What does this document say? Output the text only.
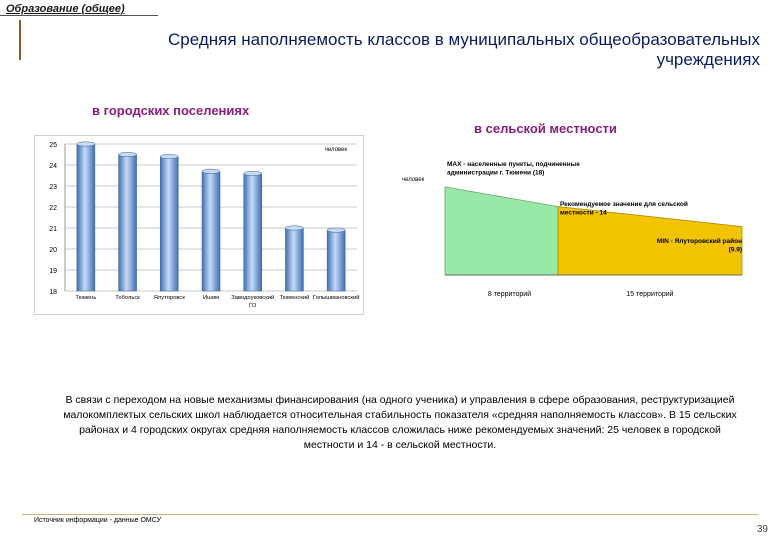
Образование (общее)
Средняя наполняемость классов в муниципальных общеобразовательных учреждениях
в городских поселениях
в сельской местности
18
19
20
21
22
23
24
25
человек
Тюмень	Тобольск Ялуторовск	Ишим Заводоуковский ГО
Тюменский Голышмановский
человек
MAX - населенные пункты, подчиненные администрации г. Тюмени (18)
Рекомендуемое значение для сельской местности - 14
MIN - Ялуторовский район (9.9)
8 территорий	15 территорий
В связи с переходом на новые механизмы финансирования (на одного ученика) и управления в сфере образования, реструктуризацией малокомплектых сельских школ наблюдается относительная стабильность показателя «средняя наполняемость классов». В 15 сельских районах и 4 городских округах средняя наполняемость классов сложилась ниже рекомендуемых значений: 25 человек в городской местности и 14 - в сельской местности.
Источник информации - данные ОМСУ
39
